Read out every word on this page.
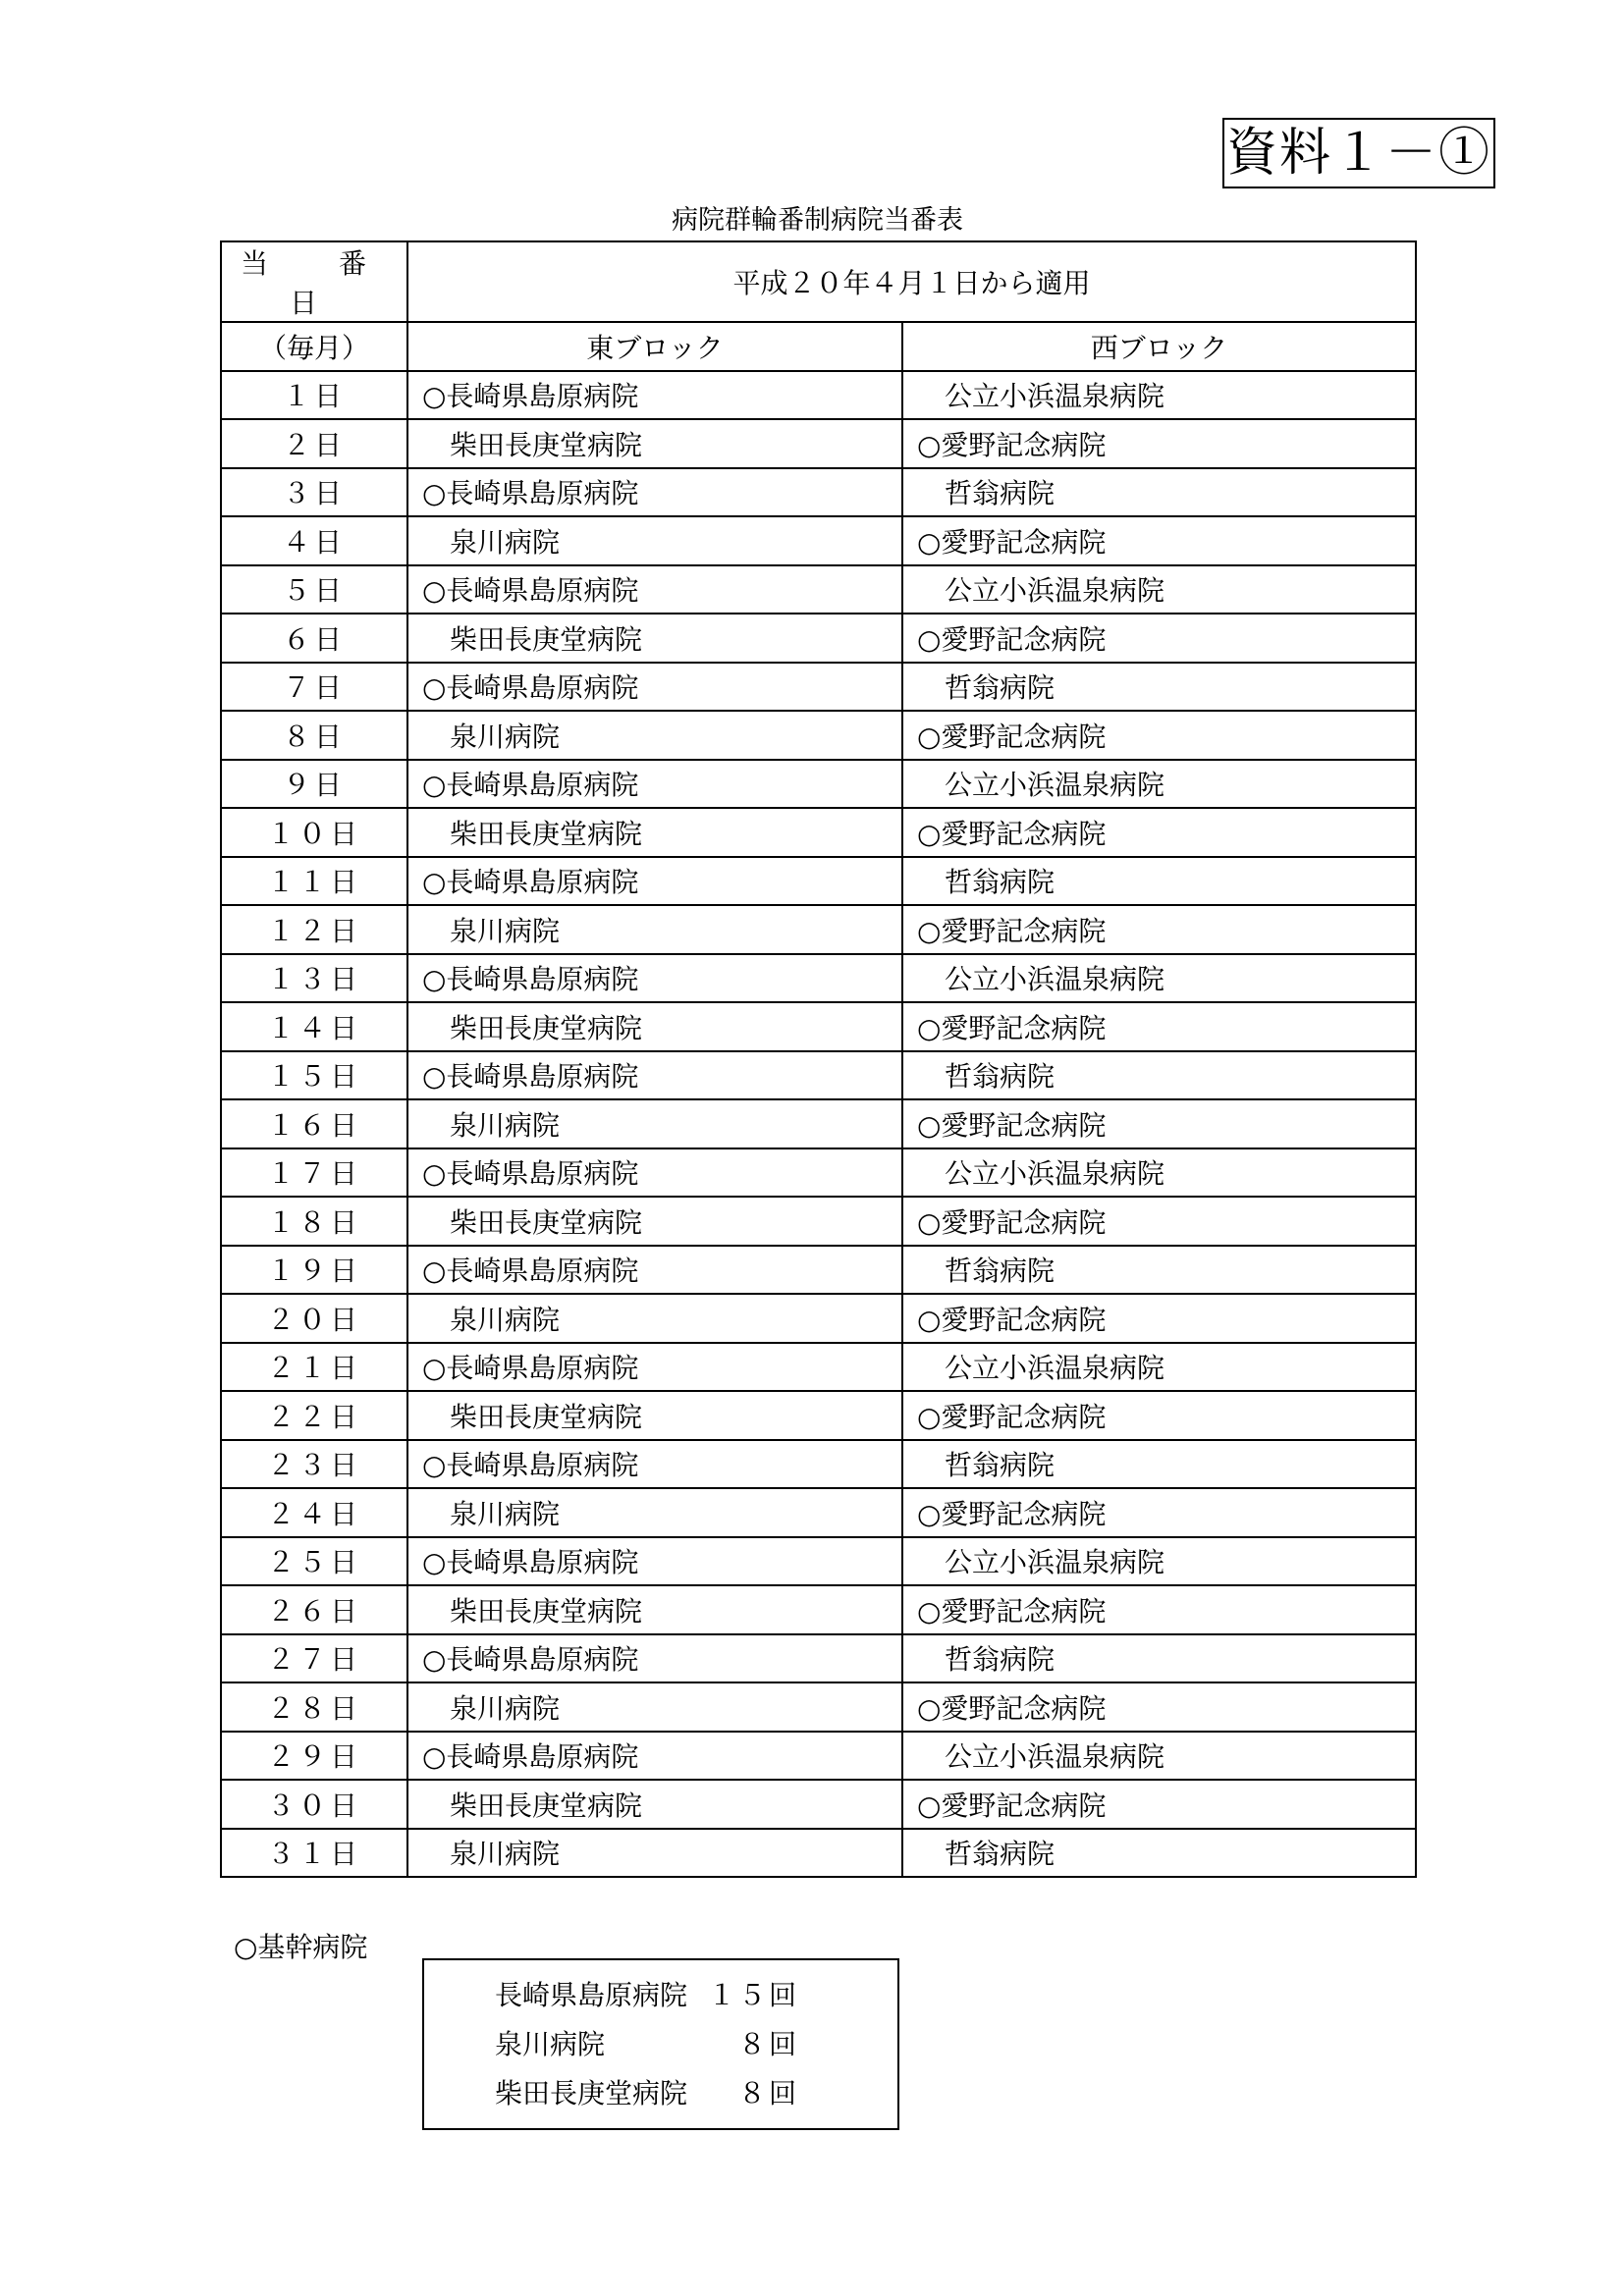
資料１－①
病院群輪番制病院当番表
当　番　日	平成２０年４月１日から適用	
（毎月）	東ブロック	西ブロック
１日	○長崎県島原病院	公立小浜温泉病院
２日	柴田長庚堂病院	○愛野記念病院
３日	○長崎県島原病院	哲翁病院
４日	泉川病院	○愛野記念病院
５日	○長崎県島原病院	公立小浜温泉病院
６日	柴田長庚堂病院	○愛野記念病院
７日	○長崎県島原病院	哲翁病院
８日	泉川病院	○愛野記念病院
９日	○長崎県島原病院	公立小浜温泉病院
１０日	柴田長庚堂病院	○愛野記念病院
１１日	○長崎県島原病院	哲翁病院
１２日	泉川病院	○愛野記念病院
１３日	○長崎県島原病院	公立小浜温泉病院
１４日	柴田長庚堂病院	○愛野記念病院
１５日	○長崎県島原病院	哲翁病院
１６日	泉川病院	○愛野記念病院
１７日	○長崎県島原病院	公立小浜温泉病院
１８日	柴田長庚堂病院	○愛野記念病院
１９日	○長崎県島原病院	哲翁病院
２０日	泉川病院	○愛野記念病院
２１日	○長崎県島原病院	公立小浜温泉病院
２２日	柴田長庚堂病院	○愛野記念病院
２３日	○長崎県島原病院	哲翁病院
２４日	泉川病院	○愛野記念病院
２５日	○長崎県島原病院	公立小浜温泉病院
２６日	柴田長庚堂病院	○愛野記念病院
２７日	○長崎県島原病院	哲翁病院
２８日	泉川病院	○愛野記念病院
２９日	○長崎県島原病院	公立小浜温泉病院
３０日	柴田長庚堂病院	○愛野記念病院
３１日	泉川病院	哲翁病院
○基幹病院
長崎県島原病院 １５回
泉川病院	８回
柴田長庚堂病院 ８回
